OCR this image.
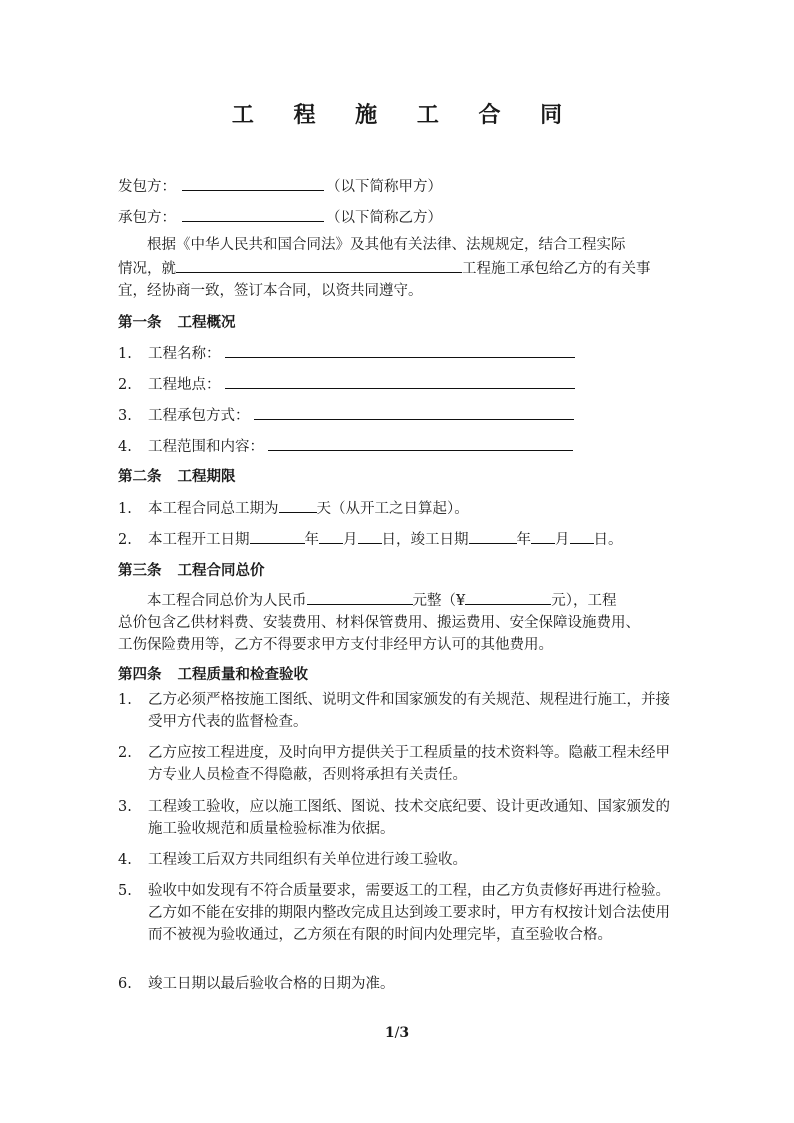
工 程 施 工 合 同
发包方：	（以下简称甲方）
承包方：	（以下简称乙方）
根据《中华人民共和国合同法》及其他有关法律、法规规定，结合工程实际
情况，就	工程施工承包给乙方的有关事
宜，经协商一致，签订本合同，以资共同遵守。
第一条 工程概况
1. 工程名称：
2. 工程地点：
3. 工程承包方式：
4. 工程范围和内容：
第二条 工程期限
1. 本工程合同总工期为	天（从开工之日算起）。
2. 本工程开工日期	年 月 日，竣工日期	年 月 日。
第三条 工程合同总价
本工程合同总价为人民币	元整（¥	元），工程
总价包含乙供材料费、安装费用、材料保管费用、搬运费用、安全保障设施费用、
工伤保险费用等，乙方不得要求甲方支付非经甲方认可的其他费用。
第四条 工程质量和检查验收
1.	乙方必须严格按施工图纸、说明文件和国家颁发的有关规范、规程进行施工，并接受甲方代表的监督检查。
2.	乙方应按工程进度，及时向甲方提供关于工程质量的技术资料等。隐蔽工程未经甲方专业人员检查不得隐蔽，否则将承担有关责任。
3.	工程竣工验收，应以施工图纸、图说、技术交底纪要、设计更改通知、国家颁发的施工验收规范和质量检验标准为依据。
4.	工程竣工后双方共同组织有关单位进行竣工验收。
5.	验收中如发现有不符合质量要求，需要返工的工程，由乙方负责修好再进行检验。乙方如不能在安排的期限内整改完成且达到竣工要求时，甲方有权按计划合法使用而不被视为验收通过，乙方须在有限的时间内处理完毕，直至验收合格。
6.	竣工日期以最后验收合格的日期为准。
1/3
